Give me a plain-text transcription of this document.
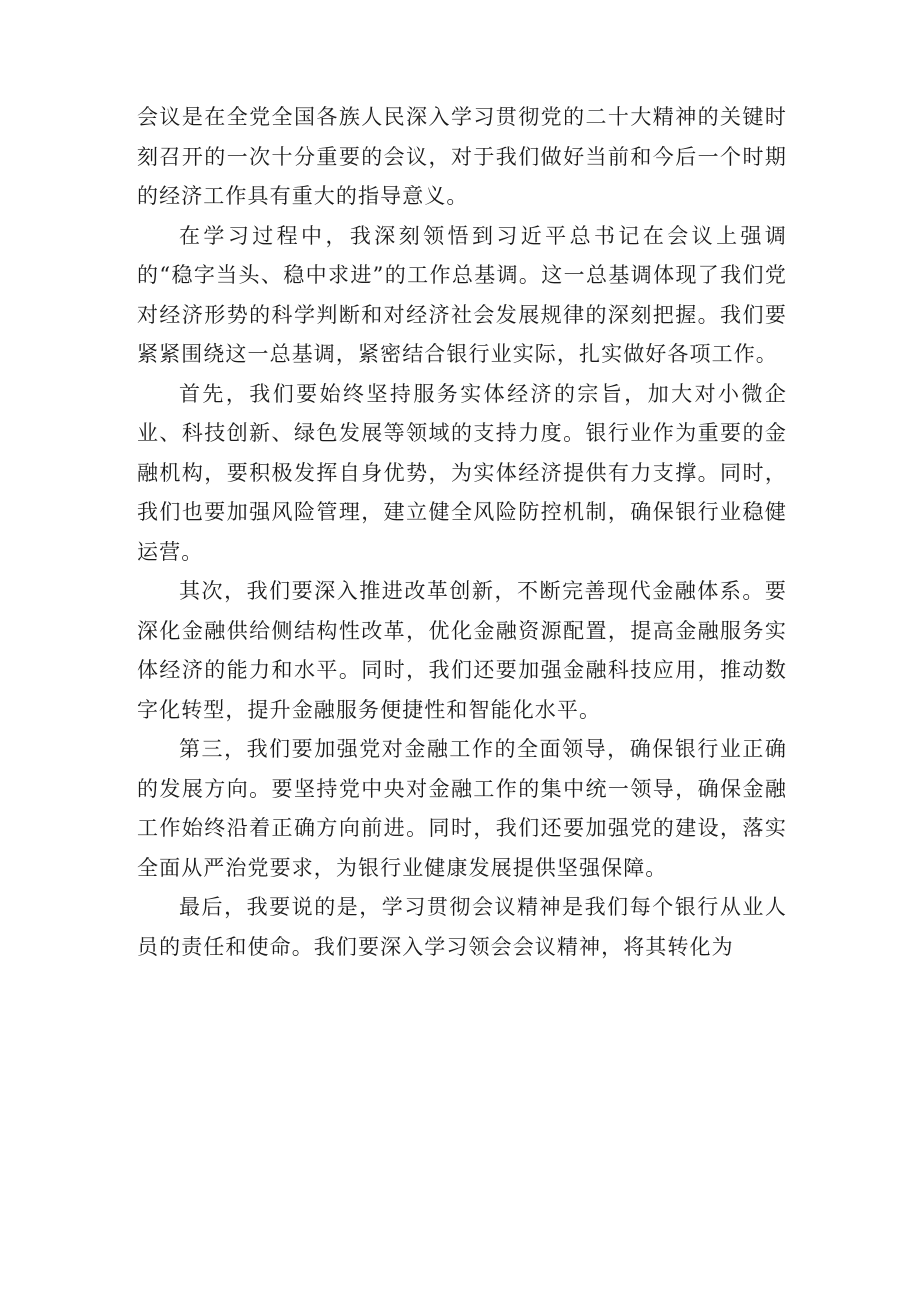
会议是在全党全国各族人民深入学习贯彻党的二十大精神的关键时刻召开的一次十分重要的会议，对于我们做好当前和今后一个时期的经济工作具有重大的指导意义。

在学习过程中，我深刻领悟到习近平总书记在会议上强调的“稳字当头、稳中求进”的工作总基调。这一总基调体现了我们党对经济形势的科学判断和对经济社会发展规律的深刻把握。我们要紧紧围绕这一总基调，紧密结合银行业实际，扎实做好各项工作。

首先，我们要始终坚持服务实体经济的宗旨，加大对小微企业、科技创新、绿色发展等领域的支持力度。银行业作为重要的金融机构，要积极发挥自身优势，为实体经济提供有力支撑。同时，我们也要加强风险管理，建立健全风险防控机制，确保银行业稳健运营。

其次，我们要深入推进改革创新，不断完善现代金融体系。要深化金融供给侧结构性改革，优化金融资源配置，提高金融服务实体经济的能力和水平。同时，我们还要加强金融科技应用，推动数字化转型，提升金融服务便捷性和智能化水平。

第三，我们要加强党对金融工作的全面领导，确保银行业正确的发展方向。要坚持党中央对金融工作的集中统一领导，确保金融工作始终沿着正确方向前进。同时，我们还要加强党的建设，落实全面从严治党要求，为银行业健康发展提供坚强保障。

最后，我要说的是，学习贯彻会议精神是我们每个银行从业人员的责任和使命。我们要深入学习领会会议精神，将其转化为
